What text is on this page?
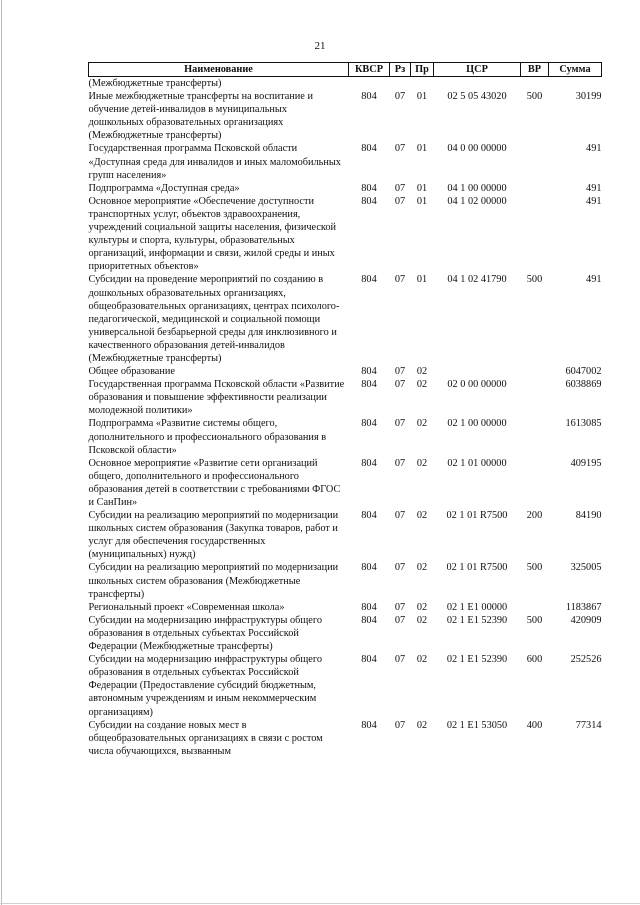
21
Наименование	КВСР	Рз	Пр	ЦСР	ВР	Сумма
(Межбюджетные трансферты)						
Иные межбюджетные трансферты на воспитание и обучение детей-инвалидов в муниципальных дошкольных образовательных организациях (Межбюджетные трансферты)	804	07	01	02 5 05 43020	500	30199
Государственная программа Псковской области «Доступная среда для инвалидов и иных маломобильных групп населения»	804	07	01	04 0 00 00000		491
Подпрограмма «Доступная среда»	804	07	01	04 1 00 00000		491
Основное мероприятие «Обеспечение доступности транспортных услуг, объектов здравоохранения, учреждений социальной защиты населения, физической культуры и спорта, культуры, образовательных организаций, информации и связи, жилой среды и иных приоритетных объектов»	804	07	01	04 1 02 00000		491
Субсидии на проведение мероприятий по созданию в дошкольных образовательных организациях, общеобразовательных организациях, центрах психолого-педагогической, медицинской и социальной помощи универсальной безбарьерной среды для инклюзивного и качественного образования детей-инвалидов (Межбюджетные трансферты)	804	07	01	04 1 02 41790	500	491
Общее образование	804	07	02			6047002
Государственная программа Псковской области «Развитие образования и повышение эффективности реализации молодежной политики»	804	07	02	02 0 00 00000		6038869
Подпрограмма «Развитие системы общего, дополнительного и профессионального образования в Псковской области»	804	07	02	02 1 00 00000		1613085
Основное мероприятие «Развитие сети организаций общего, дополнительного и профессионального образования детей в соответствии с требованиями ФГОС и СанПин»	804	07	02	02 1 01 00000		409195
Субсидии на реализацию мероприятий по модернизации школьных систем образования (Закупка товаров, работ и услуг для обеспечения государственных (муниципальных) нужд)	804	07	02	02 1 01 R7500	200	84190
Субсидии на реализацию мероприятий по модернизации школьных систем образования (Межбюджетные трансферты)	804	07	02	02 1 01 R7500	500	325005
Региональный проект «Современная школа»	804	07	02	02 1 E1 00000		1183867
Субсидии на модернизацию инфраструктуры общего образования в отдельных субъектах Российской Федерации (Межбюджетные трансферты)	804	07	02	02 1 E1 52390	500	420909
Субсидии на модернизацию инфраструктуры общего образования в отдельных субъектах Российской Федерации (Предоставление субсидий бюджетным, автономным учреждениям и иным некоммерческим организациям)	804	07	02	02 1 E1 52390	600	252526
Субсидии на создание новых мест в общеобразовательных организациях в связи с ростом числа обучающихся, вызванным	804	07	02	02 1 E1 53050	400	77314
